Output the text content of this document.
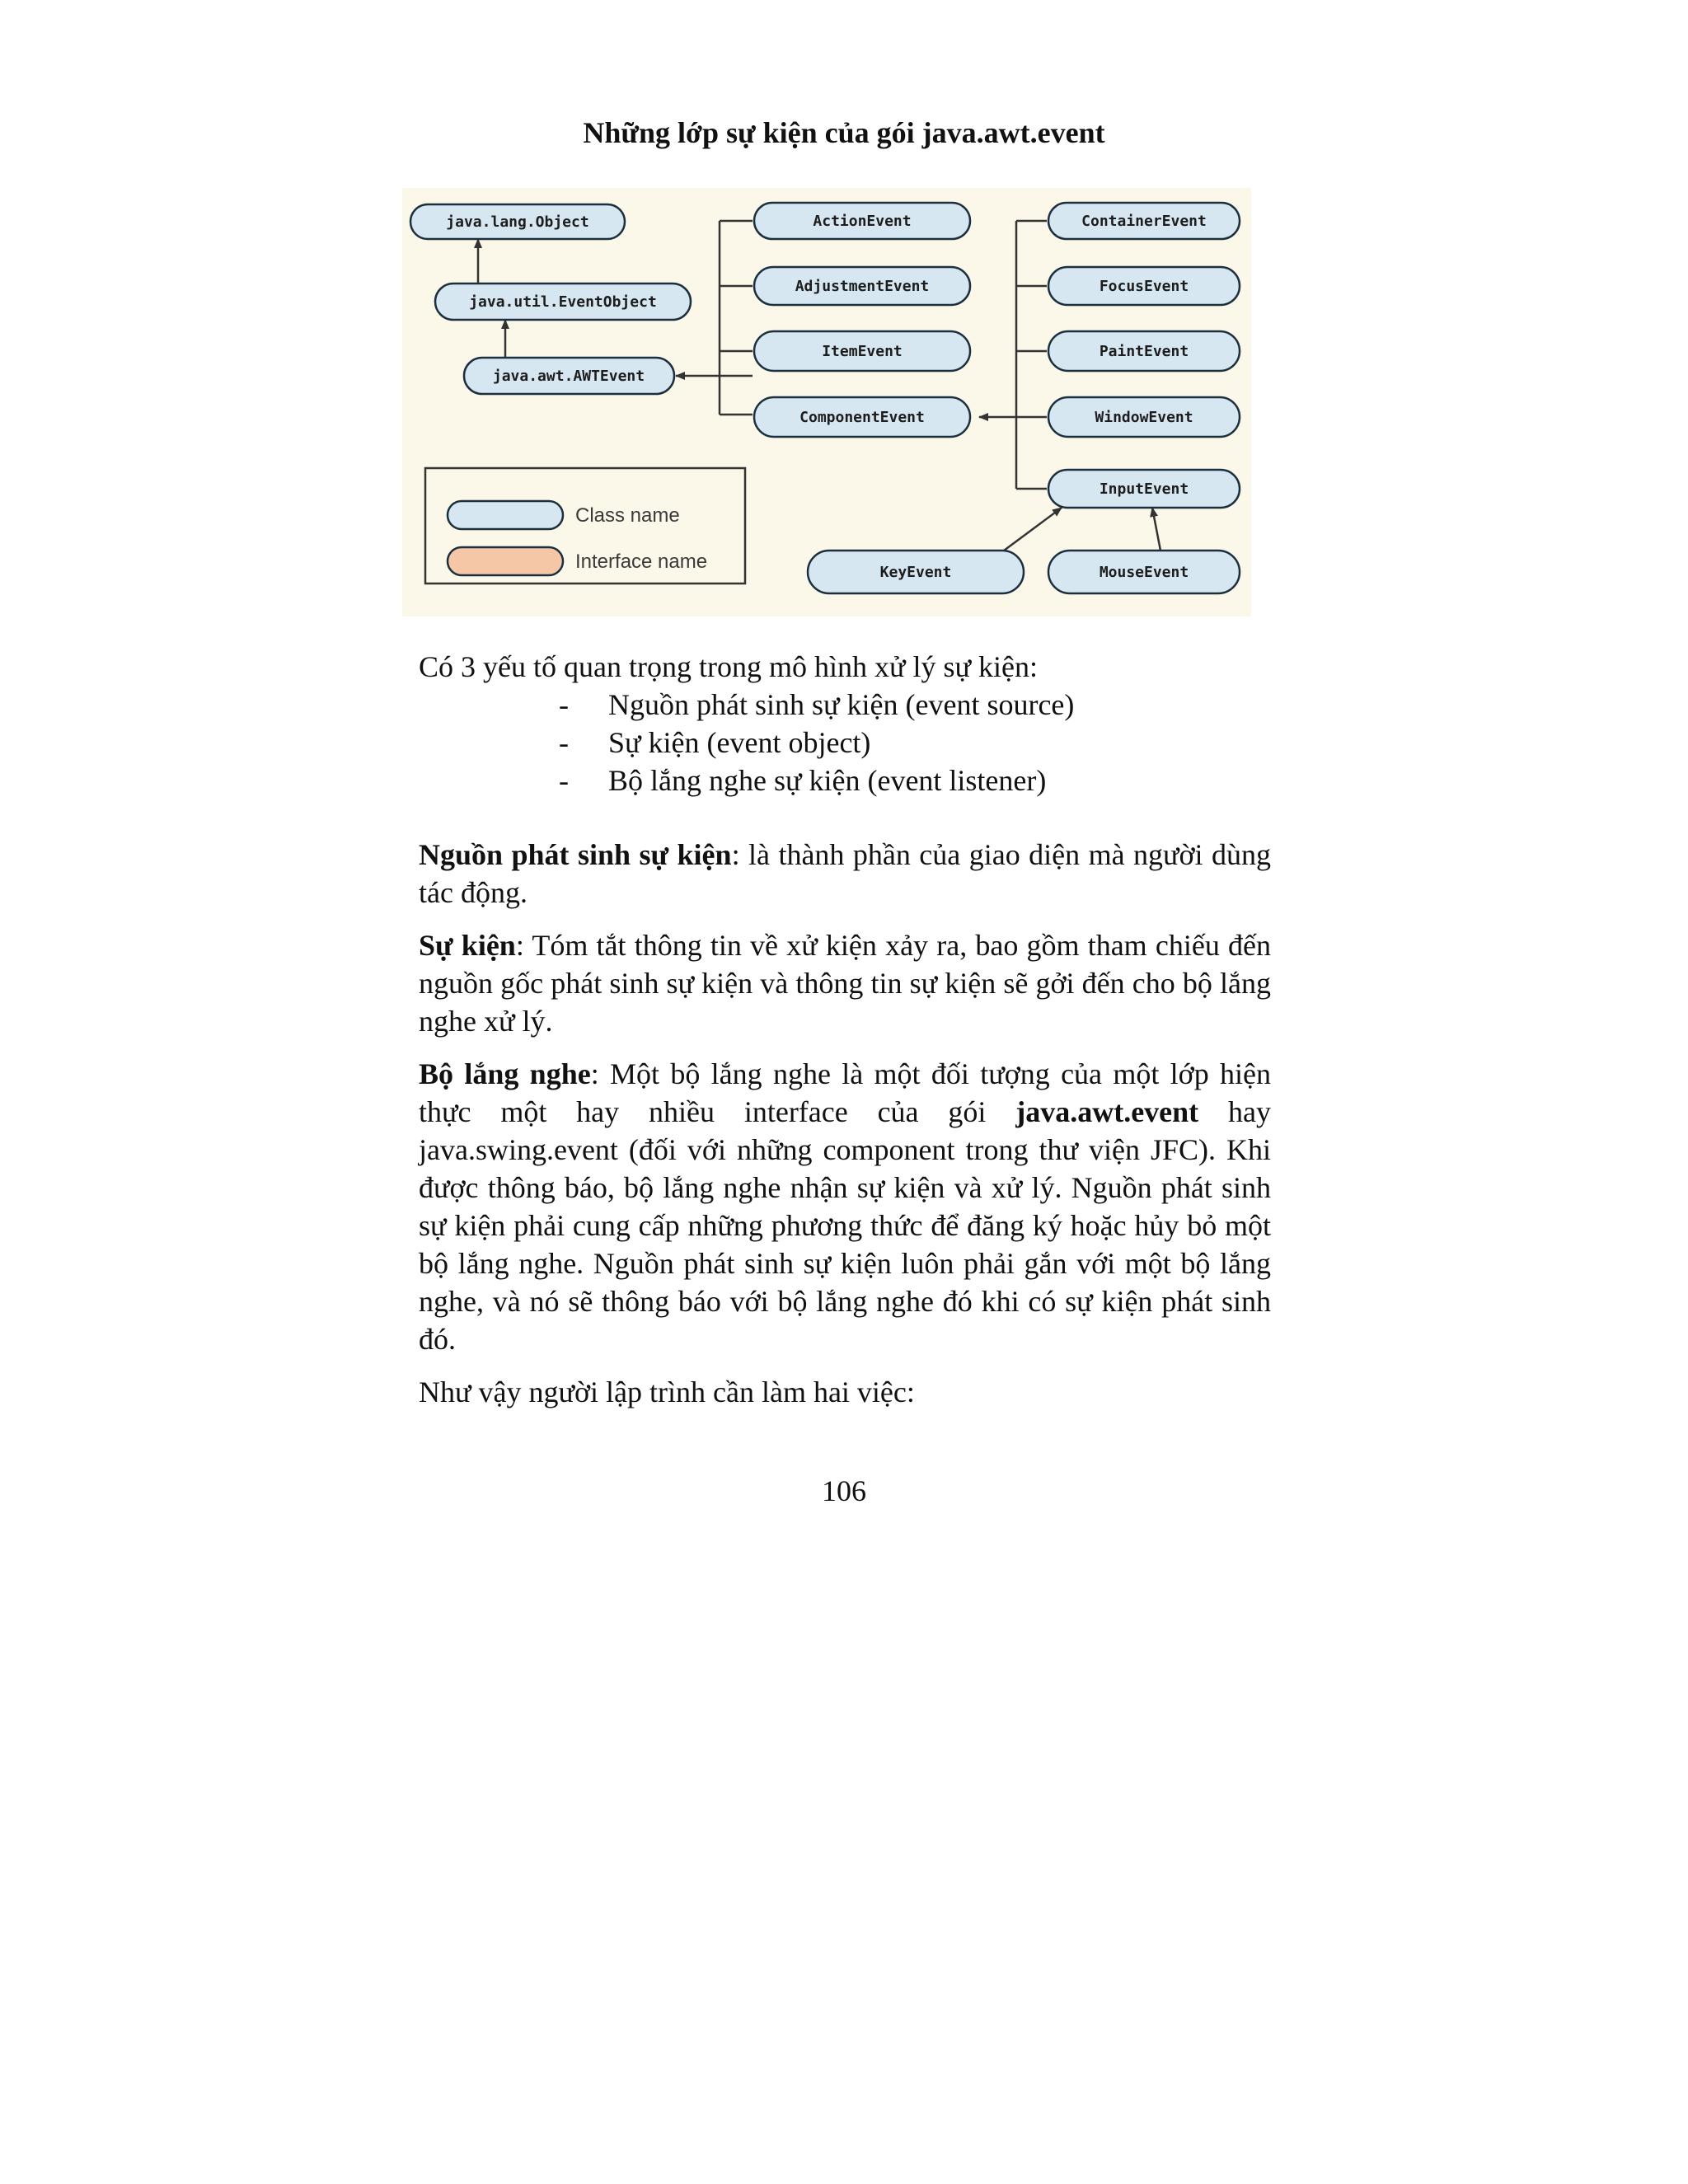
Những lớp sự kiện của gói java.awt.event
java.lang.Object
java.util.EventObject
java.awt.AWTEvent
ActionEvent
AdjustmentEvent
ItemEvent
ComponentEvent
ContainerEvent
FocusEvent
PaintEvent
WindowEvent
InputEvent
KeyEvent	MouseEvent
Class name
Interface name

Có 3 yếu tố quan trọng trong mô hình xử lý sự kiện:

- Nguồn phát sinh sự kiện (event source)
- Sự kiện (event object)
- Bộ lắng nghe sự kiện (event listener)

Nguồn phát sinh sự kiện: là thành phần của giao diện mà người dùng tác động.

Sự kiện: Tóm tắt thông tin về xử kiện xảy ra, bao gồm tham chiếu đến nguồn gốc phát sinh sự kiện và thông tin sự kiện sẽ gởi đến cho bộ lắng nghe xử lý.

Bộ lắng nghe: Một bộ lắng nghe là một đối tượng của một lớp hiện thực một hay nhiều interface của gói java.awt.event hay java.swing.event (đối với những component trong thư viện JFC). Khi được thông báo, bộ lắng nghe nhận sự kiện và xử lý. Nguồn phát sinh sự kiện phải cung cấp những phương thức để đăng ký hoặc hủy bỏ một bộ lắng nghe. Nguồn phát sinh sự kiện luôn phải gắn với một bộ lắng nghe, và nó sẽ thông báo với bộ lắng nghe đó khi có sự kiện phát sinh đó.

Như vậy người lập trình cần làm hai việc:

106
